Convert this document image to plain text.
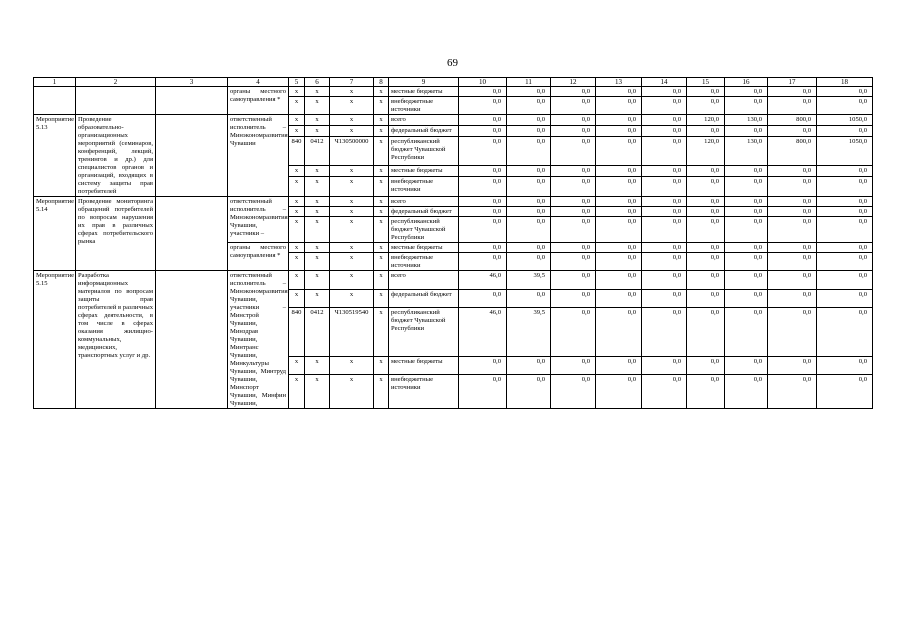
69
1	2	3	4	5	6	7	8	9	10	11	12	13	14	15	16	17	18
			органы местного самоуправления *	x	x	x	x	местные бюджеты	0,0	0,0	0,0	0,0	0,0	0,0	0,0	0,0	0,0
				x	x	x	x	внебюджетные источники	0,0	0,0	0,0	0,0	0,0	0,0	0,0	0,0	0,0
Мероприятие 5.13	Проведение образовательно-организационных мероприятий (семинаров, конференций, лекций, тренингов и др.) для специалистов органов и организаций, входящих в систему защиты прав потребителей		ответственный исполнитель – Минэкономразвития Чувашии	x	x	x	x	всего	0,0	0,0	0,0	0,0	0,0	120,0	130,0	800,0	1050,0
				x	x	x	x	федеральный бюджет	0,0	0,0	0,0	0,0	0,0	0,0	0,0	0,0	0,0
				840	0412	Ч130500000	x	республиканский бюджет Чувашской Республики	0,0	0,0	0,0	0,0	0,0	120,0	130,0	800,0	1050,0
				x	x	x	x	местные бюджеты	0,0	0,0	0,0	0,0	0,0	0,0	0,0	0,0	0,0
				x	x	x	x	внебюджетные источники	0,0	0,0	0,0	0,0	0,0	0,0	0,0	0,0	0,0
Мероприятие 5.14	Проведение мониторинга обращений потребителей по вопросам нарушения их прав в различных сферах потребительского рынка		ответственный исполнитель – Минэкономразвития Чувашии, участники –	x	x	x	x	всего	0,0	0,0	0,0	0,0	0,0	0,0	0,0	0,0	0,0
				x	x	x	x	федеральный бюджет	0,0	0,0	0,0	0,0	0,0	0,0	0,0	0,0	0,0
				x	x	x	x	республиканский бюджет Чувашской Республики	0,0	0,0	0,0	0,0	0,0	0,0	0,0	0,0	0,0
			органы местного самоуправления *	x	x	x	x	местные бюджеты	0,0	0,0	0,0	0,0	0,0	0,0	0,0	0,0	0,0
				x	x	x	x	внебюджетные источники	0,0	0,0	0,0	0,0	0,0	0,0	0,0	0,0	0,0
Мероприятие 5.15	Разработка информационных материалов по вопросам защиты прав потребителей в различных сферах деятельности, в том числе в сферах оказания жилищно-коммунальных, медицинских, транспортных услуг и др.		ответственный исполнитель – Минэкономразвития Чувашии, участники – Минстрой Чувашии, Минздрав Чувашии, Минтранс Чувашии, Минкультуры Чувашии, Минтруд Чувашии, Минспорт Чувашии, Минфин Чувашии,	x	x	x	x	всего	46,0	39,5	0,0	0,0	0,0	0,0	0,0	0,0	0,0
				x	x	x	x	федеральный бюджет	0,0	0,0	0,0	0,0	0,0	0,0	0,0	0,0	0,0
				840	0412	Ч130519540	x	республиканский бюджет Чувашской Республики	46,0	39,5	0,0	0,0	0,0	0,0	0,0	0,0	0,0
				x	x	x	x	местные бюджеты	0,0	0,0	0,0	0,0	0,0	0,0	0,0	0,0	0,0
				x	x	x	x	внебюджетные источники	0,0	0,0	0,0	0,0	0,0	0,0	0,0	0,0	0,0
